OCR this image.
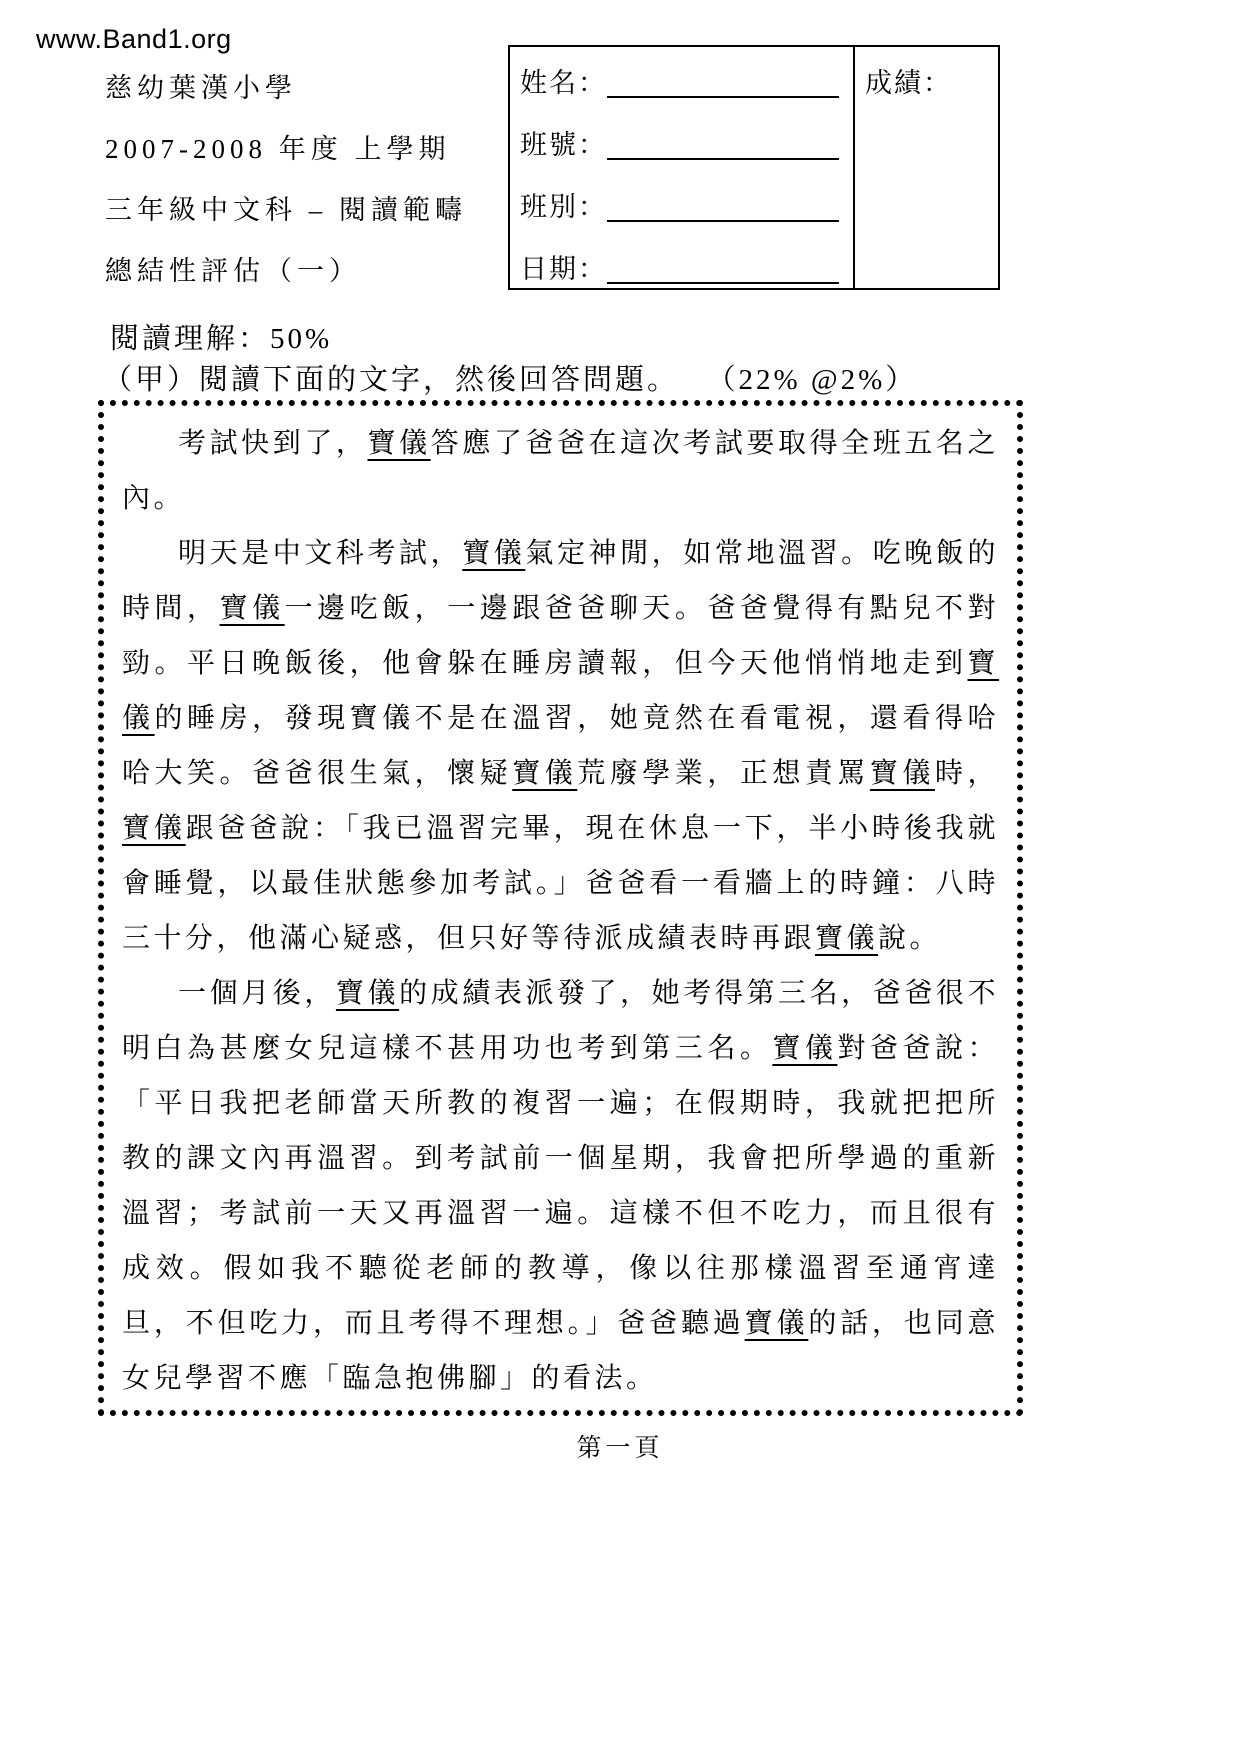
www.Band1.org
慈幼葉漢小學
2007-2008 年度 上學期
三年級中文科 – 閱讀範疇
總結性評估（一）
姓名：
班號：
班別：
日期：
成績：
閱讀理解：50%
（甲）閱讀下面的文字，然後回答問題。 （22% @2%）

考試快到了，寶儀答應了爸爸在這次考試要取得全班五名之內。

明天是中文科考試，寶儀氣定神閒，如常地溫習。吃晚飯的時間，寶儀一邊吃飯，一邊跟爸爸聊天。爸爸覺得有點兒不對勁。平日晚飯後，他會躲在睡房讀報，但今天他悄悄地走到寶儀的睡房，發現寶儀不是在溫習，她竟然在看電視，還看得哈哈大笑。爸爸很生氣，懷疑寶儀荒廢學業，正想責罵寶儀時，寶儀跟爸爸說：「我已溫習完畢，現在休息一下，半小時後我就會睡覺，以最佳狀態參加考試。」爸爸看一看牆上的時鐘：八時三十分，他滿心疑惑，但只好等待派成績表時再跟寶儀說。

一個月後，寶儀的成績表派發了，她考得第三名，爸爸很不明白為甚麼女兒這樣不甚用功也考到第三名。寶儀對爸爸說：「平日我把老師當天所教的複習一遍；在假期時，我就把把所教的課文內再溫習。到考試前一個星期，我會把所學過的重新溫習；考試前一天又再溫習一遍。這樣不但不吃力，而且很有成效。假如我不聽從老師的教導，像以往那樣溫習至通宵達旦，不但吃力，而且考得不理想。」爸爸聽過寶儀的話，也同意女兒學習不應「臨急抱佛腳」的看法。

第一頁
